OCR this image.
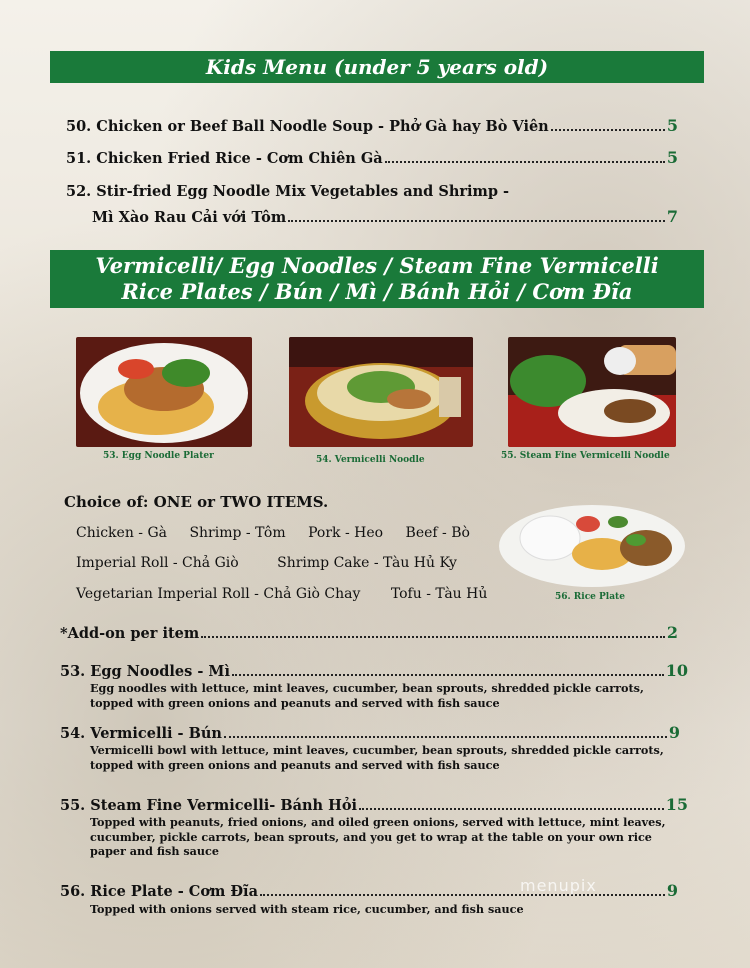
Kids Menu (under 5 years old)
50. Chicken or Beef Ball Noodle Soup - Phở Gà hay Bò Viên	5
51. Chicken Fried Rice - Cơm Chiên Gà	5
52. Stir-fried Egg Noodle Mix Vegetables and Shrimp -
Mì Xào Rau Cải với Tôm	7
Vermicelli/ Egg Noodles / Steam Fine Vermicelli
Rice Plates / Bún / Mì / Bánh Hỏi / Cơm Đĩa
53. Egg Noodle Plater	54. Vermicelli Noodle	55. Steam Fine Vermicelli Noodle
Choice of: ONE or TWO ITEMS.
Chicken - Gà Shrimp - Tôm Pork - Heo Beef - Bò
Imperial Roll - Chả Giò	Shrimp Cake - Tàu Hủ Ky
Vegetarian Imperial Roll - Chả Giò Chay Tofu - Tàu Hủ	56. Rice Plate
*Add-on per item	2
53. Egg Noodles - Mì	10
Egg noodles with lettuce, mint leaves, cucumber, bean sprouts, shredded pickle carrots,
topped with green onions and peanuts and served with fish sauce
54. Vermicelli - Bún	9
Vermicelli bowl with lettuce, mint leaves, cucumber, bean sprouts, shredded pickle carrots,
topped with green onions and peanuts and served with fish sauce
55. Steam Fine Vermicelli- Bánh Hỏi	15
Topped with peanuts, fried onions, and oiled green onions, served with lettuce, mint leaves,
cucumber, pickle carrots, bean sprouts, and you get to wrap at the table on your own rice
paper and fish sauce
56. Rice Plate - Cơm Đĩa	9
Topped with onions served with steam rice, cucumber, and fish sauce
menupix
